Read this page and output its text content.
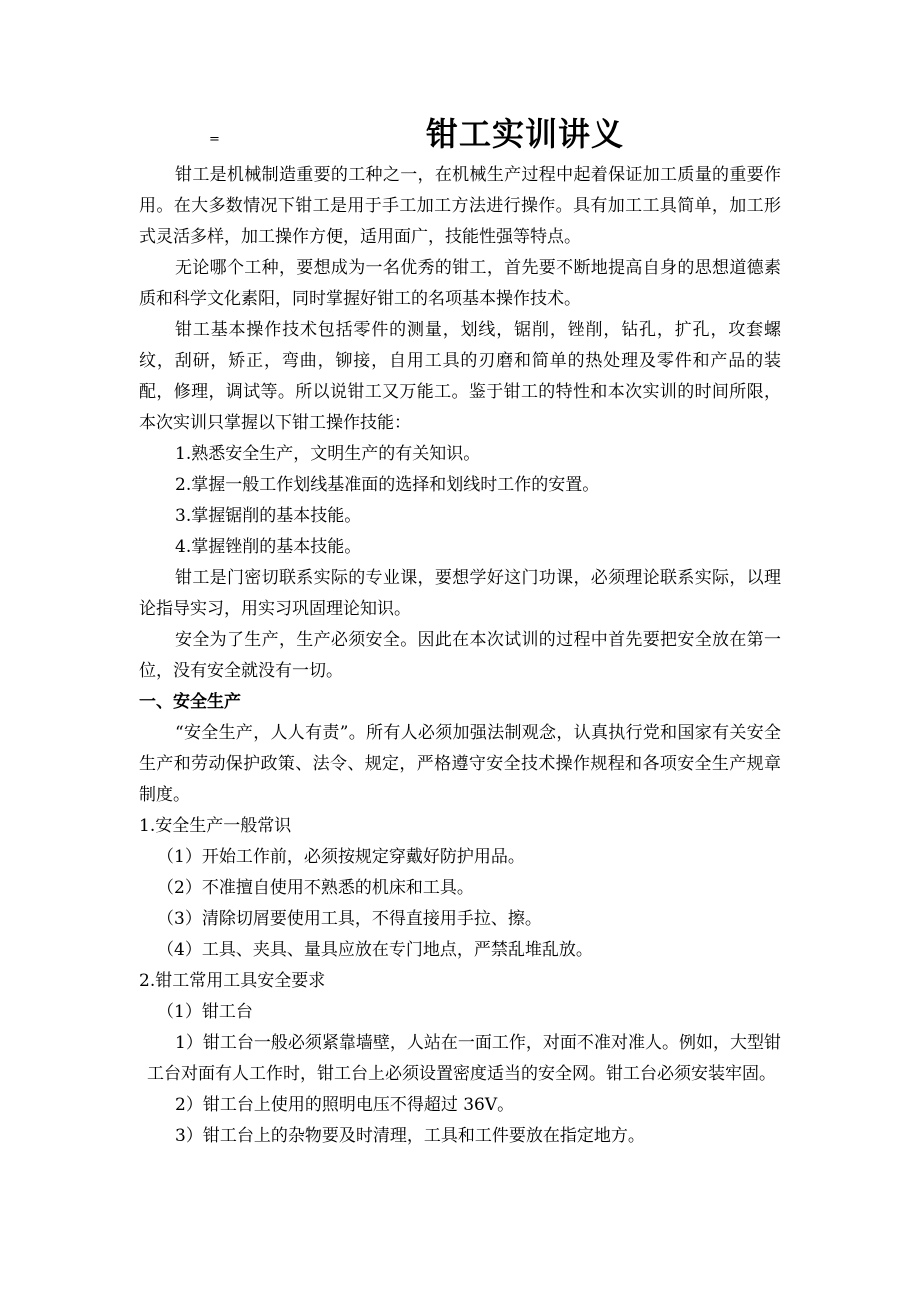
=	钳工实训讲义

钳工是机械制造重要的工种之一，在机械生产过程中起着保证加工质量的重要作用。在大多数情况下钳工是用于手工加工方法进行操作。具有加工工具简单，加工形式灵活多样，加工操作方便，适用面广，技能性强等特点。

无论哪个工种，要想成为一名优秀的钳工，首先要不断地提高自身的思想道德素质和科学文化素阳，同时掌握好钳工的名项基本操作技术。

钳工基本操作技术包括零件的测量，划线，锯削，锉削，钻孔，扩孔，攻套螺纹，刮研，矫正，弯曲，铆接，自用工具的刃磨和简单的热处理及零件和产品的装配，修理，调试等。所以说钳工又万能工。鉴于钳工的特性和本次实训的时间所限，本次实训只掌握以下钳工操作技能：

1.熟悉安全生产，文明生产的有关知识。

2.掌握一般工作划线基准面的选择和划线时工作的安置。

3.掌握锯削的基本技能。

4.掌握锉削的基本技能。

钳工是门密切联系实际的专业课，要想学好这门功课，必须理论联系实际，以理论指导实习，用实习巩固理论知识。

安全为了生产，生产必须安全。因此在本次试训的过程中首先要把安全放在第一位，没有安全就没有一切。

一、安全生产

“安全生产，人人有责”。所有人必须加强法制观念，认真执行党和国家有关安全生产和劳动保护政策、法令、规定，严格遵守安全技术操作规程和各项安全生产规章制度。

1.安全生产一般常识

（1）开始工作前，必须按规定穿戴好防护用品。

（2）不准擅自使用不熟悉的机床和工具。

（3）清除切屑要使用工具，不得直接用手拉、擦。

（4）工具、夹具、量具应放在专门地点，严禁乱堆乱放。

2.钳工常用工具安全要求

（1）钳工台

1）钳工台一般必须紧靠墙壁，人站在一面工作，对面不准对准人。例如，大型钳工台对面有人工作时，钳工台上必须设置密度适当的安全网。钳工台必须安装牢固。

2）钳工台上使用的照明电压不得超过 36V。

3）钳工台上的杂物要及时清理，工具和工件要放在指定地方。
